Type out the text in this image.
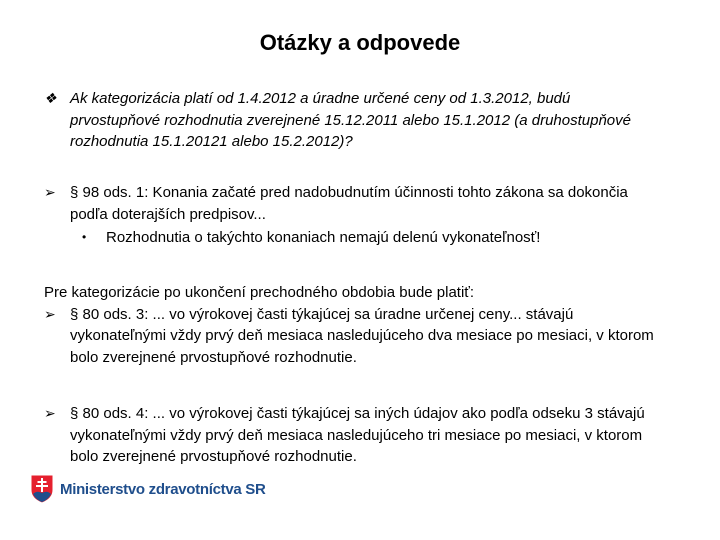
Otázky a odpovede
❖ Ak kategorizácia platí od 1.4.2012 a úradne určené ceny od 1.3.2012, budú prvostupňové rozhodnutia zverejnené 15.12.2011 alebo 15.1.2012 (a druhostupňové rozhodnutia 15.1.20121 alebo 15.2.2012)?
➢ § 98 ods. 1: Konania začaté pred nadobudnutím účinnosti tohto zákona sa dokončia podľa doterajších predpisov...
• Rozhodnutia o takýchto konaniach nemajú delenú vykonateľnosť!
Pre kategorizácie po ukončení prechodného obdobia bude platiť:
➢ § 80 ods. 3: ... vo výrokovej časti týkajúcej sa úradne určenej ceny... stávajú vykonateľnými vždy prvý deň mesiaca nasledujúceho dva mesiace po mesiaci, v ktorom bolo zverejnené prvostupňové rozhodnutie.
➢ § 80 ods. 4: ... vo výrokovej časti týkajúcej sa iných údajov ako podľa odseku 3 stávajú vykonateľnými vždy prvý deň mesiaca nasledujúceho tri mesiace po mesiaci, v ktorom bolo zverejnené prvostupňové rozhodnutie.
Ministerstvo zdravotníctva SR
